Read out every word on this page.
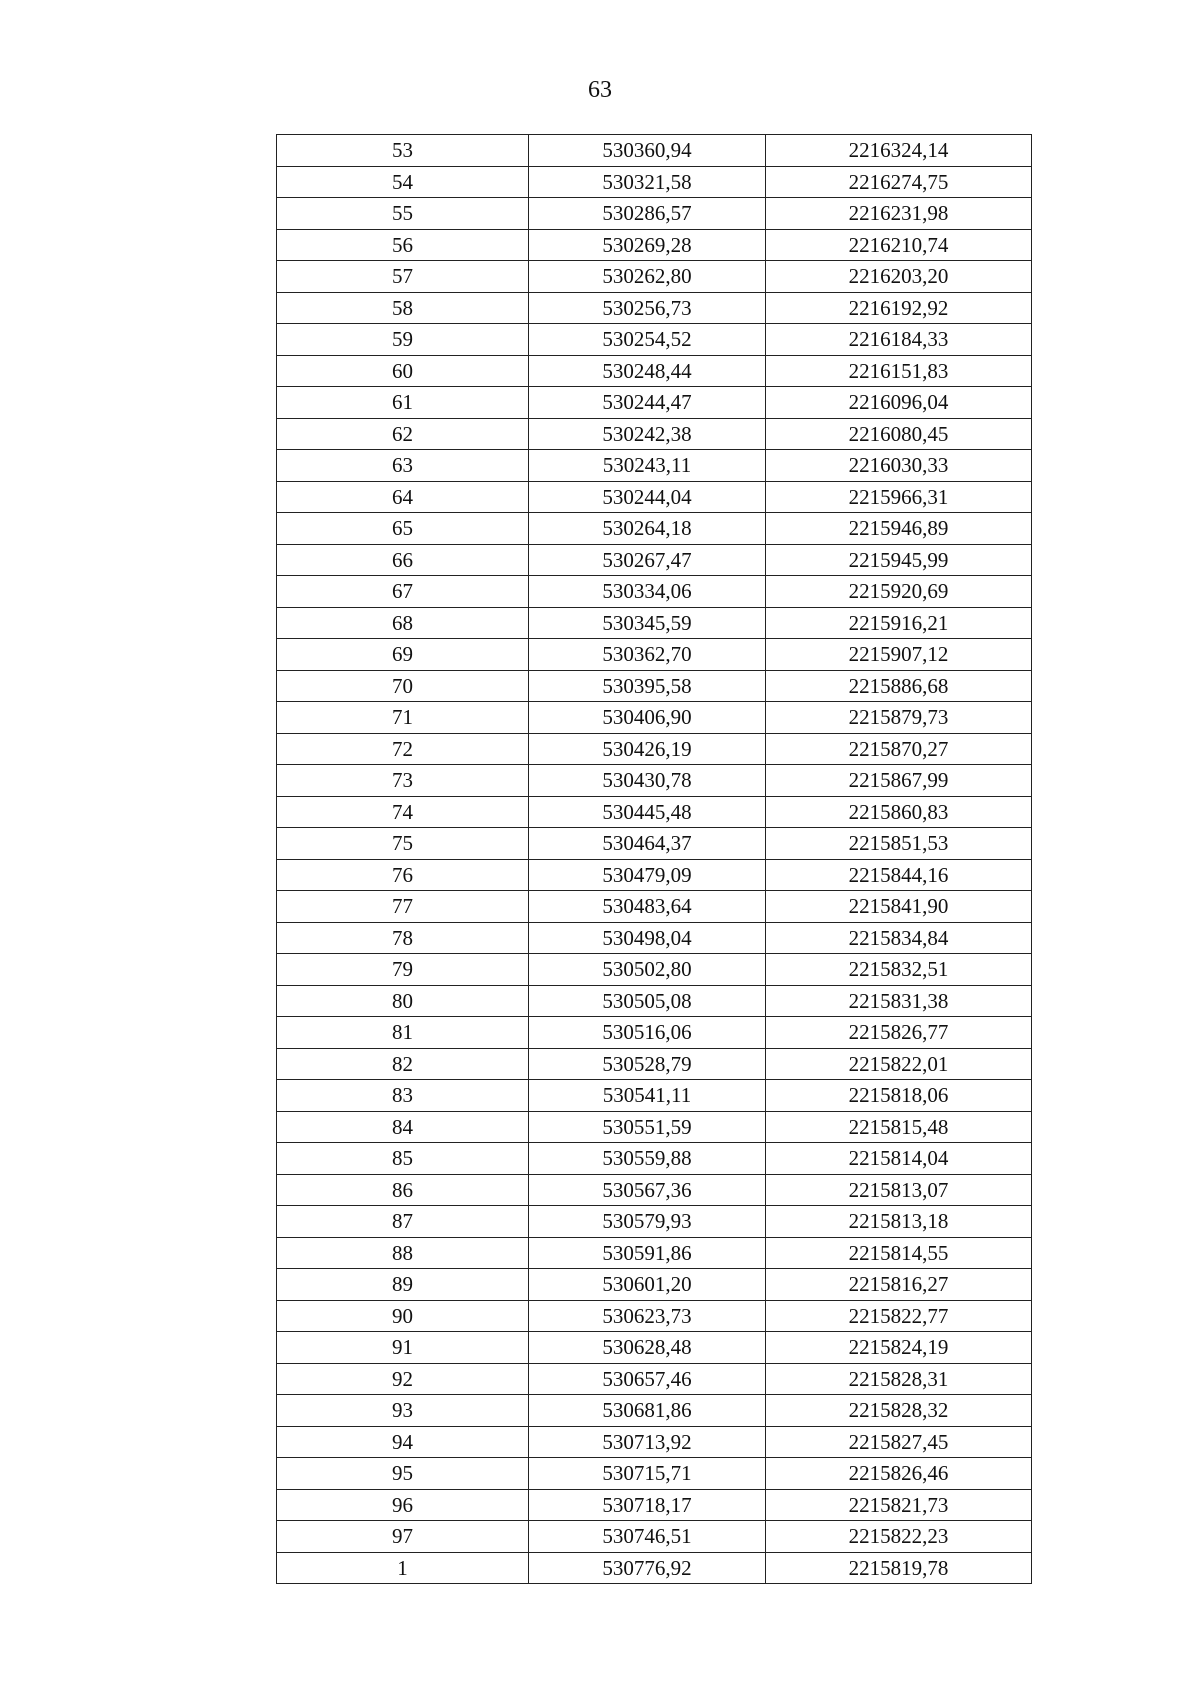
63
53	530360,94	2216324,14
54	530321,58	2216274,75
55	530286,57	2216231,98
56	530269,28	2216210,74
57	530262,80	2216203,20
58	530256,73	2216192,92
59	530254,52	2216184,33
60	530248,44	2216151,83
61	530244,47	2216096,04
62	530242,38	2216080,45
63	530243,11	2216030,33
64	530244,04	2215966,31
65	530264,18	2215946,89
66	530267,47	2215945,99
67	530334,06	2215920,69
68	530345,59	2215916,21
69	530362,70	2215907,12
70	530395,58	2215886,68
71	530406,90	2215879,73
72	530426,19	2215870,27
73	530430,78	2215867,99
74	530445,48	2215860,83
75	530464,37	2215851,53
76	530479,09	2215844,16
77	530483,64	2215841,90
78	530498,04	2215834,84
79	530502,80	2215832,51
80	530505,08	2215831,38
81	530516,06	2215826,77
82	530528,79	2215822,01
83	530541,11	2215818,06
84	530551,59	2215815,48
85	530559,88	2215814,04
86	530567,36	2215813,07
87	530579,93	2215813,18
88	530591,86	2215814,55
89	530601,20	2215816,27
90	530623,73	2215822,77
91	530628,48	2215824,19
92	530657,46	2215828,31
93	530681,86	2215828,32
94	530713,92	2215827,45
95	530715,71	2215826,46
96	530718,17	2215821,73
97	530746,51	2215822,23
1	530776,92	2215819,78
